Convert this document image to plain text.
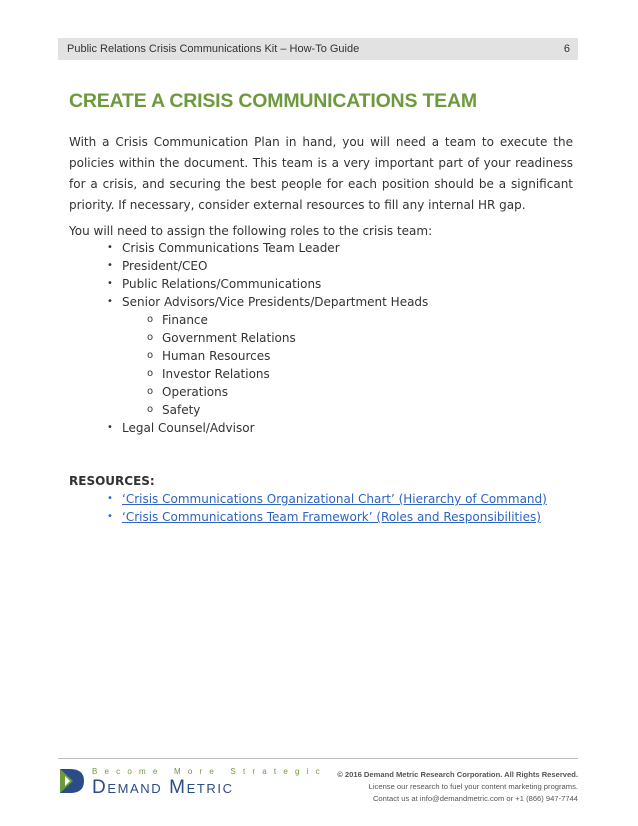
Public Relations Crisis Communications Kit – How-To Guide	6
CREATE A CRISIS COMMUNICATIONS TEAM

With a Crisis Communication Plan in hand, you will need a team to execute the policies within the document. This team is a very important part of your readiness for a crisis, and securing the best people for each position should be a significant priority. If necessary, consider external resources to fill any internal HR gap.

You will need to assign the following roles to the crisis team:

• Crisis Communications Team Leader
• President/CEO
• Public Relations/Communications
• Senior Advisors/Vice Presidents/Department Heads
o Finance
o Government Relations
o Human Resources
o Investor Relations
o Operations
o Safety
• Legal Counsel/Advisor

RESOURCES:

• ‘Crisis Communications Organizational Chart’ (Hierarchy of Command)
• ‘Crisis Communications Team Framework’ (Roles and Responsibilities)
Become More Strategic
Demand Metric
© 2016 Demand Metric Research Corporation. All Rights Reserved.
License our research to fuel your content marketing programs.
Contact us at info@demandmetric.com or +1 (866) 947-7744
